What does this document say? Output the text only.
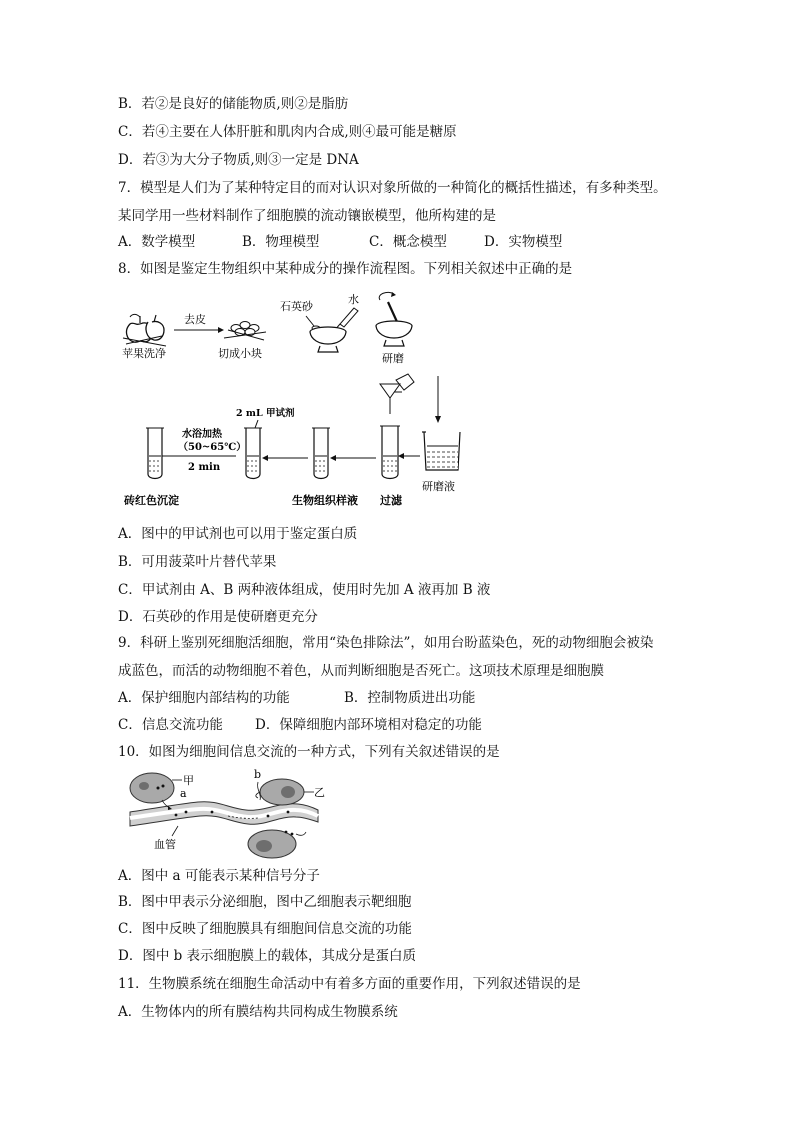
B．若②是良好的储能物质,则②是脂肪
C．若④主要在人体肝脏和肌肉内合成,则④最可能是糖原
D．若③为大分子物质,则③一定是 DNA
7．模型是人们为了某种特定目的而对认识对象所做的一种简化的概括性描述，有多种类型。
某同学用一些材料制作了细胞膜的流动镶嵌模型，他所构建的是
A．数学模型	B．物理模型	C．概念模型	D．实物模型
8．如图是鉴定生物组织中某种成分的操作流程图。下列相关叙述中正确的是
苹果洗净
去皮
切成小块
石英砂
水
研磨
研磨液
过滤
生物组织样液
2 mL 甲试剂
水浴加热
（50~65℃）
2 min
砖红色沉淀
A．图中的甲试剂也可以用于鉴定蛋白质
B．可用菠菜叶片替代苹果
C．甲试剂由 A、B 两种液体组成，使用时先加 A 液再加 B 液
D．石英砂的作用是使研磨更充分
9．科研上鉴别死细胞活细胞，常用“染色排除法”，如用台盼蓝染色，死的动物细胞会被染
成蓝色，而活的动物细胞不着色，从而判断细胞是否死亡。这项技术原理是细胞膜
A．保护细胞内部结构的功能	B．控制物质进出功能
C．信息交流功能 D．保障细胞内部环境相对稳定的功能
10．如图为细胞间信息交流的一种方式，下列有关叙述错误的是
甲
a
b
乙
血管
A．图中 a 可能表示某种信号分子
B．图中甲表示分泌细胞，图中乙细胞表示靶细胞
C．图中反映了细胞膜具有细胞间信息交流的功能
D．图中 b 表示细胞膜上的载体，其成分是蛋白质
11．生物膜系统在细胞生命活动中有着多方面的重要作用，下列叙述错误的是
A．生物体内的所有膜结构共同构成生物膜系统
